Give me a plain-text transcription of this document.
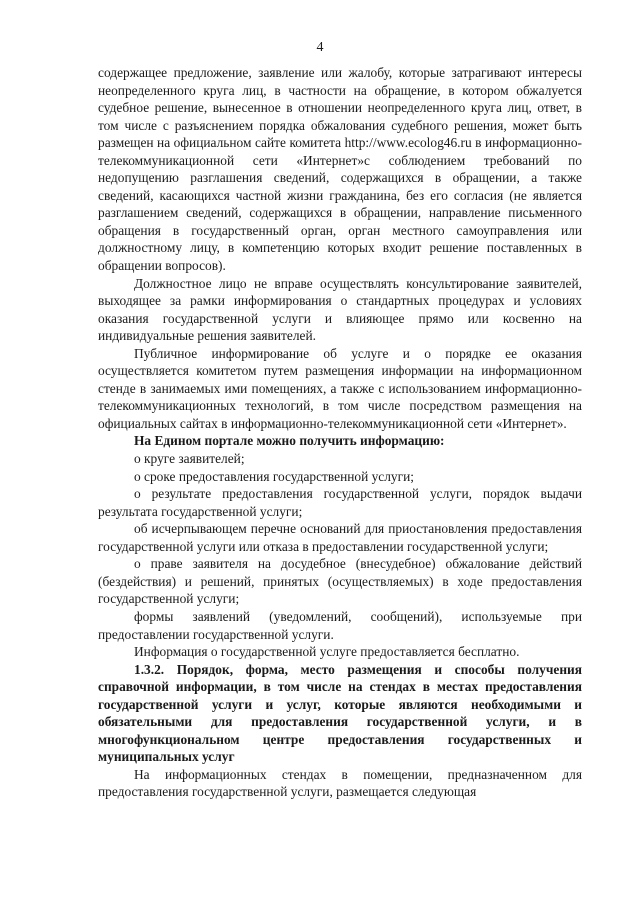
4

содержащее предложение, заявление или жалобу, которые затрагивают интересы неопределенного круга лиц, в частности на обращение, в котором обжалуется судебное решение, вынесенное в отношении неопределенного круга лиц, ответ, в том числе с разъяснением порядка обжалования судебного решения, может быть размещен на официальном сайте комитета http://www.ecolog46.ru в информационно-телекоммуникационной сети «Интернет»с соблюдением требований по недопущению разглашения сведений, содержащихся в обращении, а также сведений, касающихся частной жизни гражданина, без его согласия (не является разглашением сведений, содержащихся в обращении, направление письменного обращения в государственный орган, орган местного самоуправления или должностному лицу, в компетенцию которых входит решение поставленных в обращении вопросов).

Должностное лицо не вправе осуществлять консультирование заявителей, выходящее за рамки информирования о стандартных процедурах и условиях оказания государственной услуги и влияющее прямо или косвенно на индивидуальные решения заявителей.

Публичное информирование об услуге и о порядке ее оказания осуществляется комитетом путем размещения информации на информационном стенде в занимаемых ими помещениях, а также с использованием информационно-телекоммуникационных технологий, в том числе посредством размещения на официальных сайтах в информационно-телекоммуникационной сети «Интернет».

На Едином портале можно получить информацию:

о круге заявителей;

о сроке предоставления государственной услуги;

о результате предоставления государственной услуги, порядок выдачи результата государственной услуги;

об исчерпывающем перечне оснований для приостановления предоставления государственной услуги или отказа в предоставлении государственной услуги;

о праве заявителя на досудебное (внесудебное) обжалование действий (бездействия) и решений, принятых (осуществляемых) в ходе предоставления государственной услуги;

формы заявлений (уведомлений, сообщений), используемые при предоставлении государственной услуги.

Информация о государственной услуге предоставляется бесплатно.

1.3.2. Порядок, форма, место размещения и способы получения справочной информации, в том числе на стендах в местах предоставления государственной услуги и услуг, которые являются необходимыми и обязательными для предоставления государственной услуги, и в многофункциональном центре предоставления государственных и муниципальных услуг

На информационных стендах в помещении, предназначенном для предоставления государственной услуги, размещается следующая
